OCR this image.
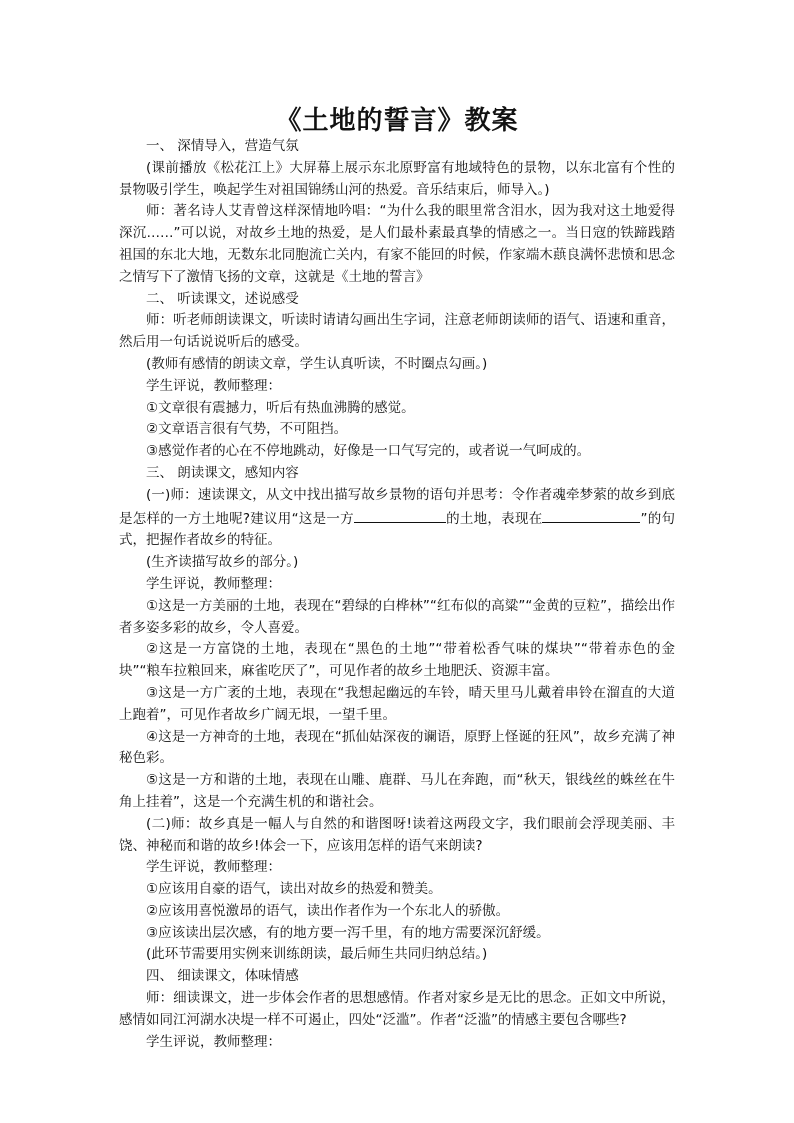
《土地的誓言》教案

一、 深情导入，营造气氛

(课前播放《松花江上》大屏幕上展示东北原野富有地域特色的景物，以东北富有个性的景物吸引学生，唤起学生对祖国锦绣山河的热爱。音乐结束后，师导入。)

师：著名诗人艾青曾这样深情地吟唱：“为什么我的眼里常含泪水，因为我对这土地爱得深沉……”可以说，对故乡土地的热爱，是人们最朴素最真挚的情感之一。当日寇的铁蹄践踏祖国的东北大地，无数东北同胞流亡关内，有家不能回的时候，作家端木蕻良满怀悲愤和思念之情写下了激情飞扬的文章，这就是《土地的誓言》

二、 听读课文，述说感受

师：听老师朗读课文，听读时请请勾画出生字词，注意老师朗读师的语气、语速和重音，然后用一句话说说听后的感受。

(教师有感情的朗读文章，学生认真听读，不时圈点勾画。)

学生评说，教师整理：

①文章很有震撼力，听后有热血沸腾的感觉。

②文章语言很有气势，不可阻挡。

③感觉作者的心在不停地跳动，好像是一口气写完的，或者说一气呵成的。

三、 朗读课文，感知内容

(一)师：速读课文，从文中找出描写故乡景物的语句并思考：令作者魂牵梦萦的故乡到底是怎样的一方土地呢?建议用“这是一方	的土地，表现在	”的句式，把握作者故乡的特征。

(生齐读描写故乡的部分。)

学生评说，教师整理：

①这是一方美丽的土地，表现在“碧绿的白桦林”“红布似的高粱”“金黄的豆粒”，描绘出作者多姿多彩的故乡，令人喜爱。

②这是一方富饶的土地，表现在“黑色的土地”“带着松香气味的煤块”“带着赤色的金块”“粮车拉粮回来，麻雀吃厌了”，可见作者的故乡土地肥沃、资源丰富。

③这是一方广袤的土地，表现在“我想起幽远的车铃，晴天里马儿戴着串铃在溜直的大道上跑着”，可见作者故乡广阔无垠，一望千里。

④这是一方神奇的土地，表现在“抓仙姑深夜的谰语，原野上怪诞的狂风”，故乡充满了神秘色彩。

⑤这是一方和谐的土地，表现在山雕、鹿群、马儿在奔跑，而“秋天，银线丝的蛛丝在牛角上挂着”，这是一个充满生机的和谐社会。

(二)师：故乡真是一幅人与自然的和谐图呀!读着这两段文字，我们眼前会浮现美丽、丰饶、神秘而和谐的故乡!体会一下，应该用怎样的语气来朗读?

学生评说，教师整理：

①应该用自豪的语气，读出对故乡的热爱和赞美。

②应该用喜悦激昂的语气，读出作者作为一个东北人的骄傲。

③应该读出层次感，有的地方要一泻千里，有的地方需要深沉舒缓。

(此环节需要用实例来训练朗读，最后师生共同归纳总结。)

四、 细读课文，体味情感

师：细读课文，进一步体会作者的思想感情。作者对家乡是无比的思念。正如文中所说，感情如同江河湖水决堤一样不可遏止，四处“泛滥”。作者“泛滥”的情感主要包含哪些?

学生评说，教师整理：
